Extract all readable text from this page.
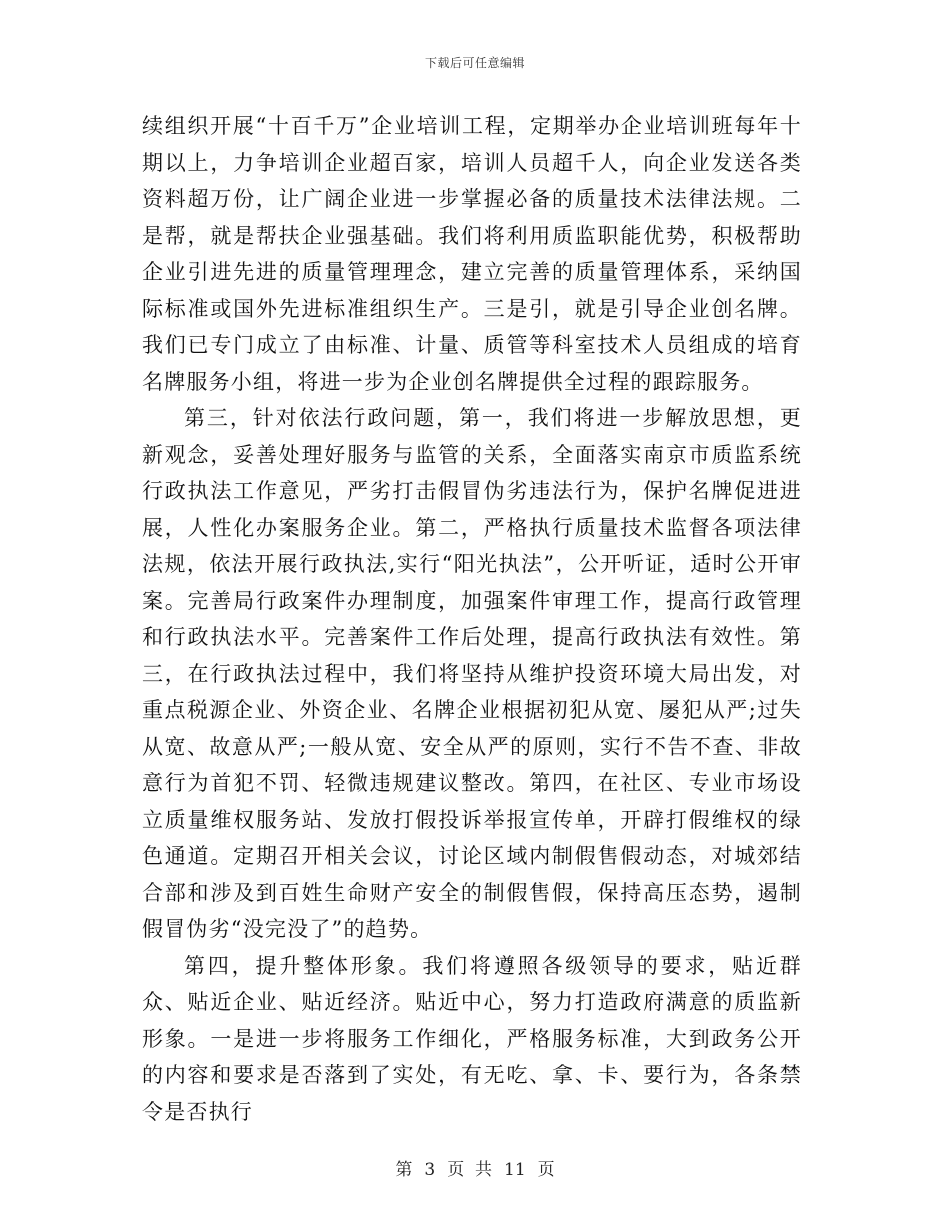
下载后可任意编辑

续组织开展“十百千万”企业培训工程，定期举办企业培训班每年十期以上，力争培训企业超百家，培训人员超千人，向企业发送各类资料超万份，让广阔企业进一步掌握必备的质量技术法律法规。二是帮，就是帮扶企业强基础。我们将利用质监职能优势，积极帮助企业引进先进的质量管理理念，建立完善的质量管理体系，采纳国际标准或国外先进标准组织生产。三是引，就是引导企业创名牌。我们已专门成立了由标准、计量、质管等科室技术人员组成的培育名牌服务小组，将进一步为企业创名牌提供全过程的跟踪服务。

第三，针对依法行政问题，第一，我们将进一步解放思想，更新观念，妥善处理好服务与监管的关系，全面落实南京市质监系统行政执法工作意见，严劣打击假冒伪劣违法行为，保护名牌促进进展，人性化办案服务企业。第二，严格执行质量技术监督各项法律法规，依法开展行政执法,实行“阳光执法”，公开听证，适时公开审案。完善局行政案件办理制度，加强案件审理工作，提高行政管理和行政执法水平。完善案件工作后处理，提高行政执法有效性。第三，在行政执法过程中，我们将坚持从维护投资环境大局出发，对重点税源企业、外资企业、名牌企业根据初犯从宽、屡犯从严;过失从宽、故意从严;一般从宽、安全从严的原则，实行不告不查、非故意行为首犯不罚、轻微违规建议整改。第四，在社区、专业市场设立质量维权服务站、发放打假投诉举报宣传单，开辟打假维权的绿色通道。定期召开相关会议，讨论区域内制假售假动态，对城郊结合部和涉及到百姓生命财产安全的制假售假，保持高压态势，遏制假冒伪劣“没完没了”的趋势。

第四，提升整体形象。我们将遵照各级领导的要求，贴近群众、贴近企业、贴近经济。贴近中心，努力打造政府满意的质监新形象。一是进一步将服务工作细化，严格服务标准，大到政务公开的内容和要求是否落到了实处，有无吃、拿、卡、要行为，各条禁令是否执行

第 3 页  共 11 页
